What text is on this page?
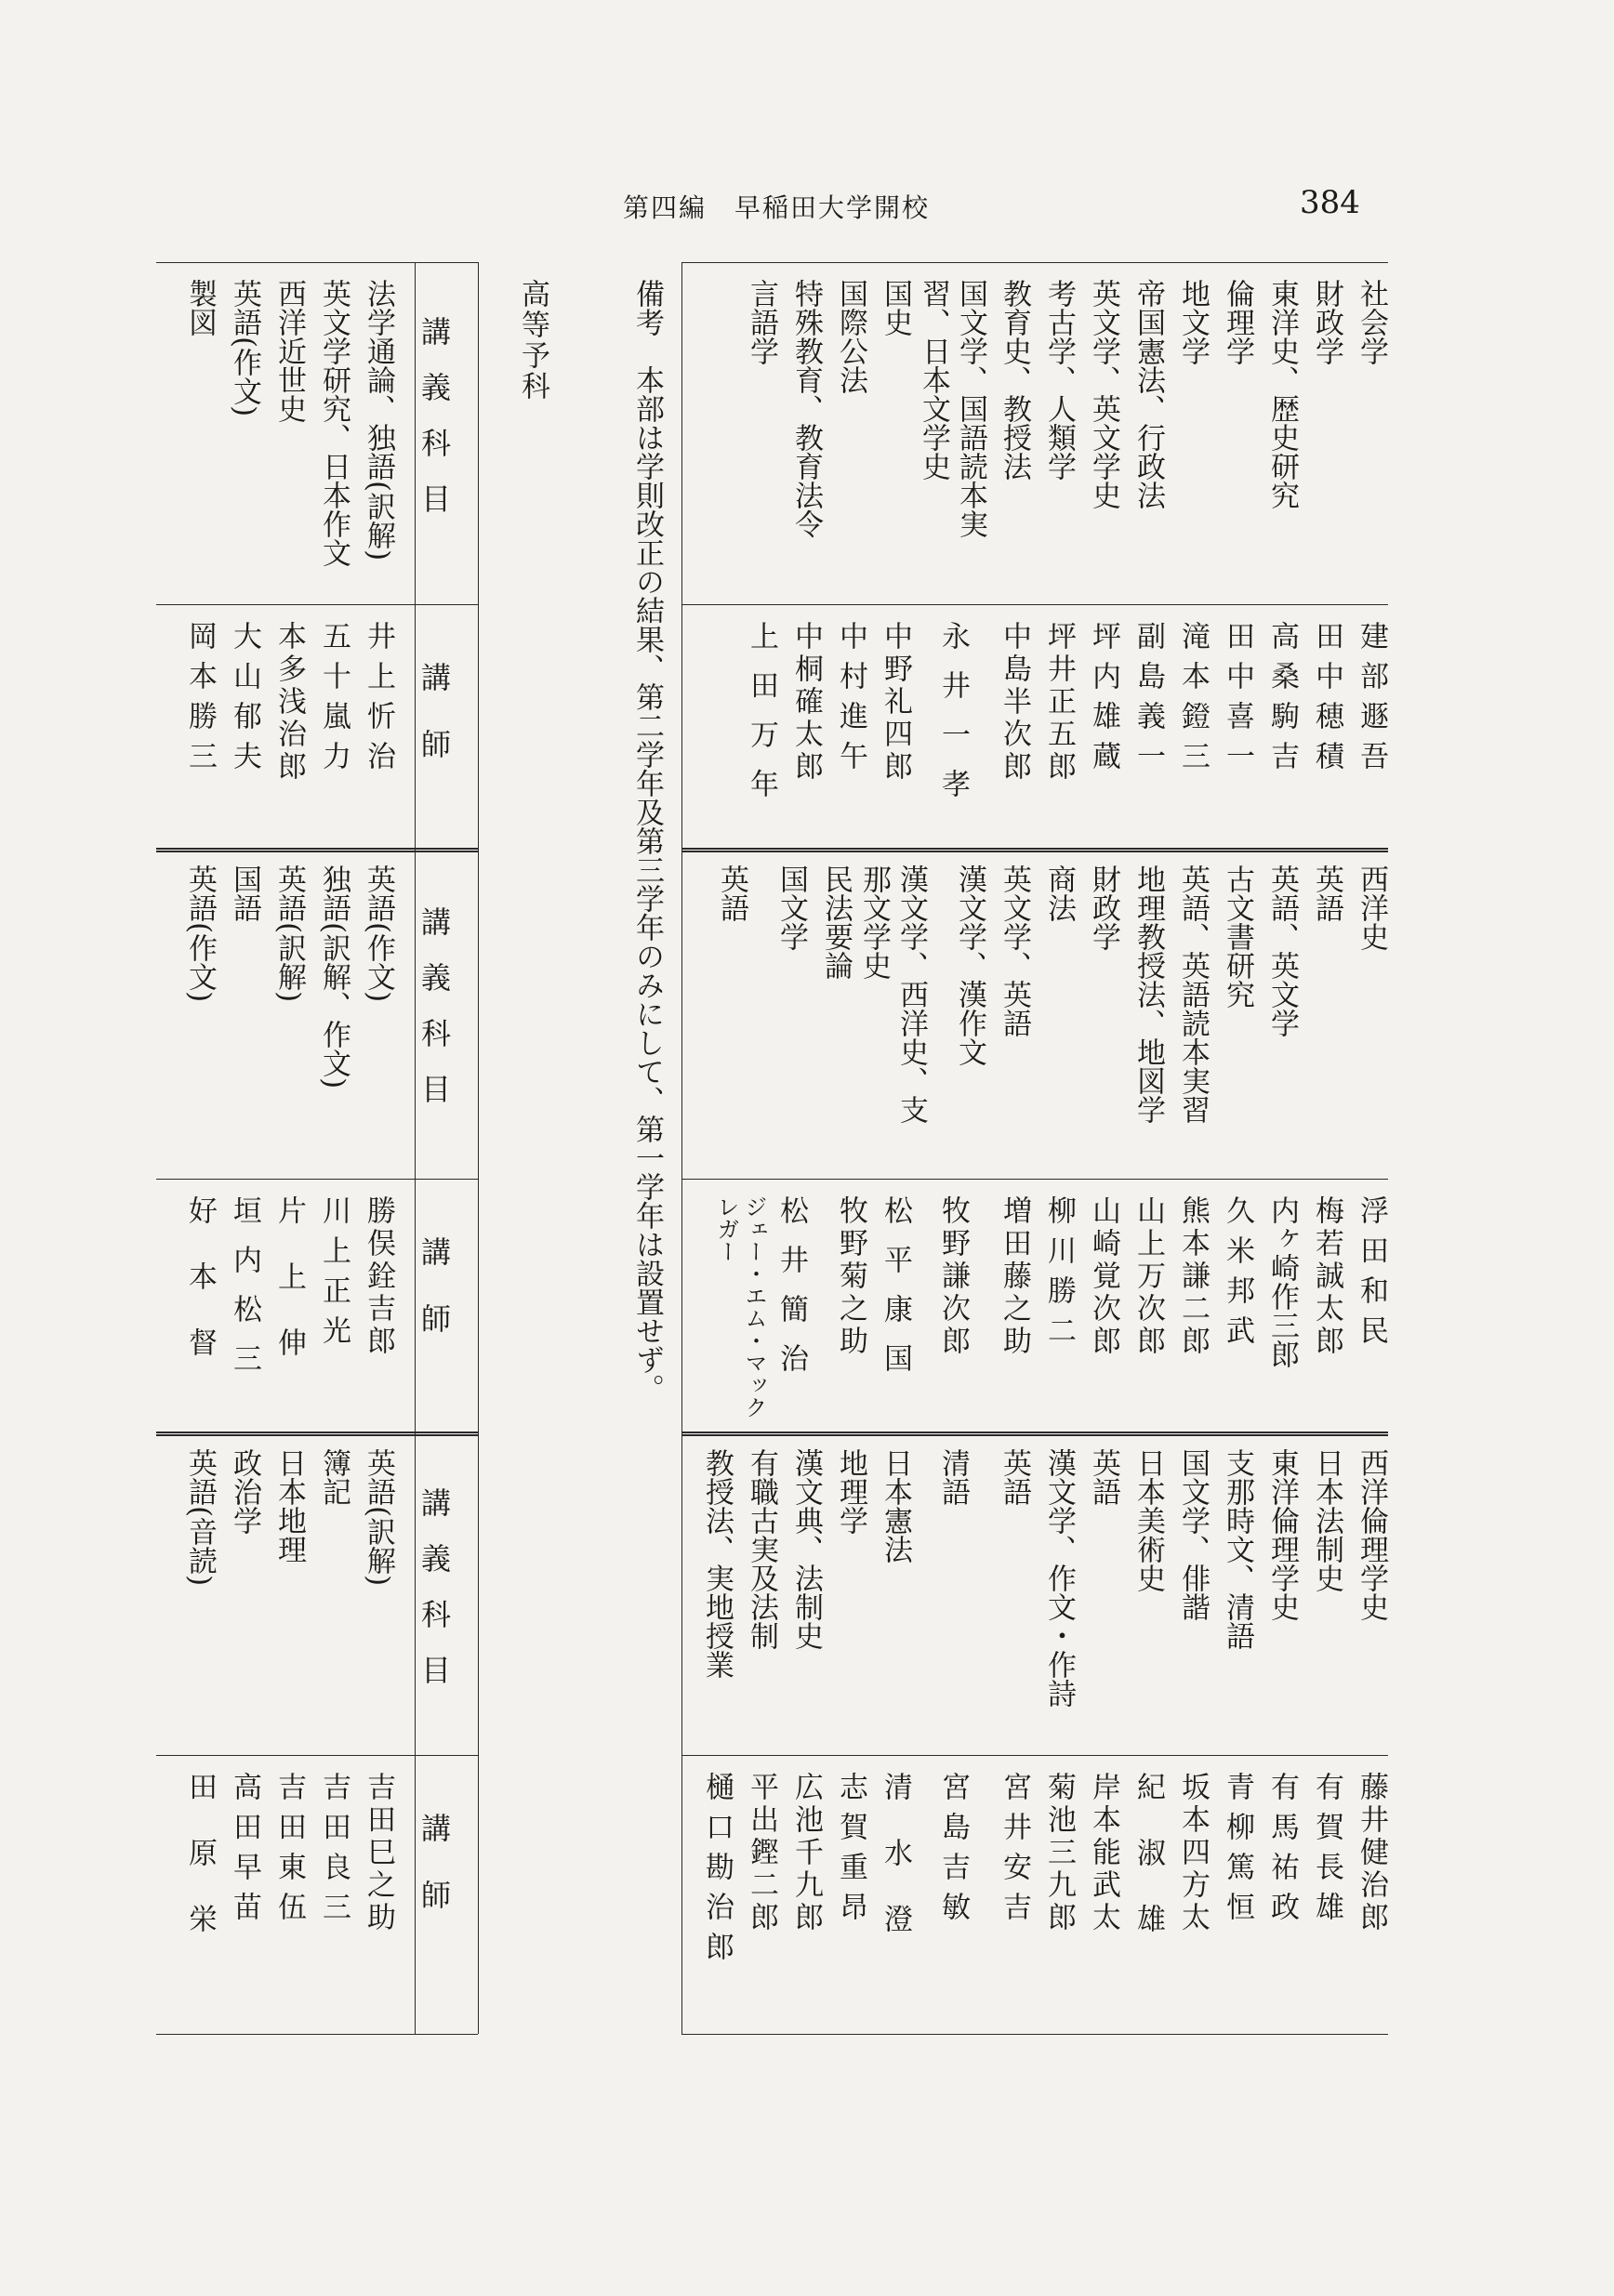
第四編　早稲田大学開校	384
社会学
建部遯吾
西洋史
浮田和民
西洋倫理学史
藤井健治郎
財政学
田中穂積
英語
梅若誠太郎
日本法制史
有賀長雄
東洋史、歴史研究
高桑駒吉
英語、英文学
内ヶ崎作三郎
東洋倫理学史
有馬祐政
倫理学
田中喜一
古文書研究
久米邦武
支那時文、清語
青柳篤恒
地文学
滝本鐙三
英語、英語読本実習
熊本謙二郎
国文学、俳諧
坂本四方太
帝国憲法、行政法
副島義一
地理教授法、地図学
山上万次郎
日本美術史
紀淑雄
英文学、英文学史
坪内雄蔵
財政学
山崎覚次郎
英語
岸本能武太
考古学、人類学
坪井正五郎
商法
柳川勝二
漢文学、作文・作詩
菊池三九郎
教育史、教授法
中島半次郎
英文学、英語
増田藤之助
英語
宮井安吉
国文学、国語読本実習、日本文学史
永井一孝
漢文学、漢作文
牧野謙次郎
清語
宮島吉敏
国史
中野礼四郎
漢文学、西洋史、支那文学史
松平康国
日本憲法
清水澄
国際公法
中村進午
民法要論
牧野菊之助
地理学
志賀重昂
特殊教育、教育法令
中桐確太郎
国文学
松井簡治
漢文典、法制史
広池千九郎
言語学
上田万年
英語
ジェー・エム・マックレガー
有職古実及法制
平出鏗二郎
教授法、実地授業
樋口勘治郎
備考　本部は学則改正の結果、第二学年及第三学年のみにして、第一学年は設置せず。
高等予科
講義科目
講師
講義科目
講師
講義科目
講師
法学通論、独語(訳解)
井上忻治
英語(作文)
勝俣銓吉郎
英語(訳解)
吉田巳之助
英文学研究、日本作文
五十嵐力
独語(訳解、作文)
川上正光
簿記
吉田良三
西洋近世史
本多浅治郎
英語(訳解)
片上伸
日本地理
吉田東伍
英語(作文)
大山郁夫
国語
垣内松三
政治学
高田早苗
製図
岡本勝三
英語(作文)
好本督
英語(音読)
田原栄
